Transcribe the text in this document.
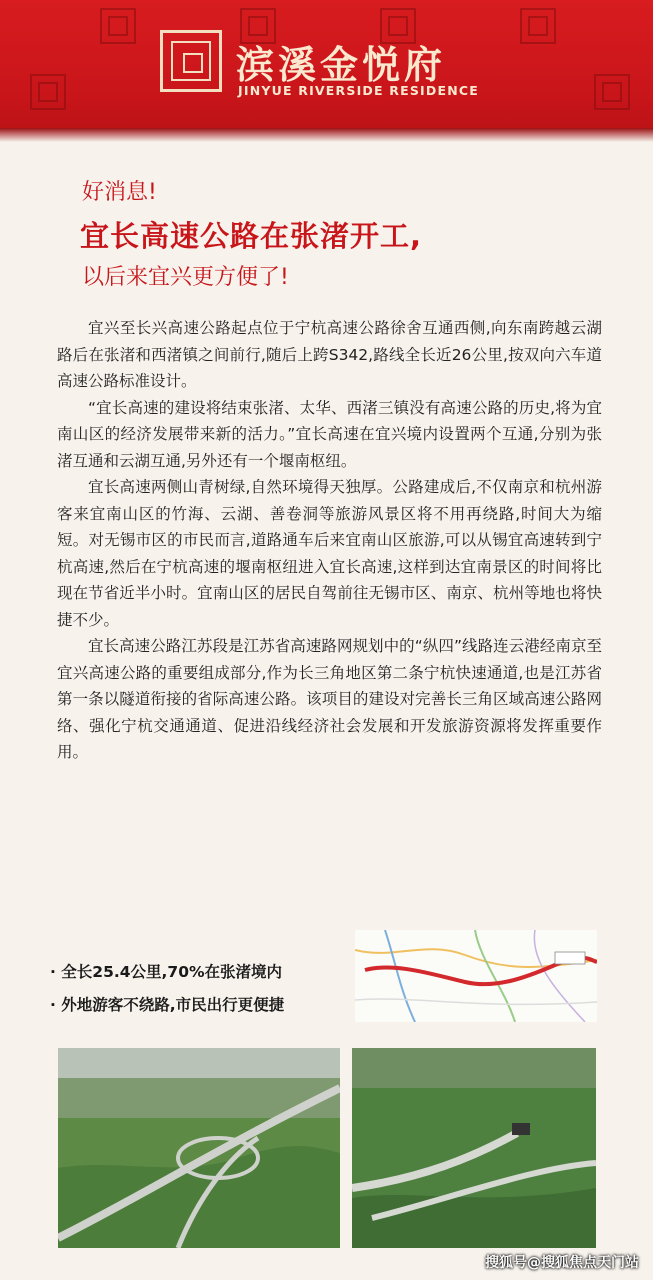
滨溪金悦府
JINYUE RIVERSIDE RESIDENCE
好消息!
宜长高速公路在张渚开工,
以后来宜兴更方便了!

宜兴至长兴高速公路起点位于宁杭高速公路徐舍互通西侧,向东南跨越云湖路后在张渚和西渚镇之间前行,随后上跨S342,路线全长近26公里,按双向六车道高速公路标准设计。

“宜长高速的建设将结束张渚、太华、西渚三镇没有高速公路的历史,将为宜南山区的经济发展带来新的活力。”宜长高速在宜兴境内设置两个互通,分别为张渚互通和云湖互通,另外还有一个堰南枢纽。

宜长高速两侧山青树绿,自然环境得天独厚。公路建成后,不仅南京和杭州游客来宜南山区的竹海、云湖、善卷洞等旅游风景区将不用再绕路,时间大为缩短。对无锡市区的市民而言,道路通车后来宜南山区旅游,可以从锡宜高速转到宁杭高速,然后在宁杭高速的堰南枢纽进入宜长高速,这样到达宜南景区的时间将比现在节省近半小时。宜南山区的居民自驾前往无锡市区、南京、杭州等地也将快捷不少。

宜长高速公路江苏段是江苏省高速路网规划中的“纵四”线路连云港经南京至宜兴高速公路的重要组成部分,作为长三角地区第二条宁杭快速通道,也是江苏省第一条以隧道衔接的省际高速公路。该项目的建设对完善长三角区域高速公路网络、强化宁杭交通通道、促进沿线经济社会发展和开发旅游资源将发挥重要作用。

· 全长25.4公里,70%在张渚境内
· 外地游客不绕路,市民出行更便捷
搜狐号@搜狐焦点天门站
